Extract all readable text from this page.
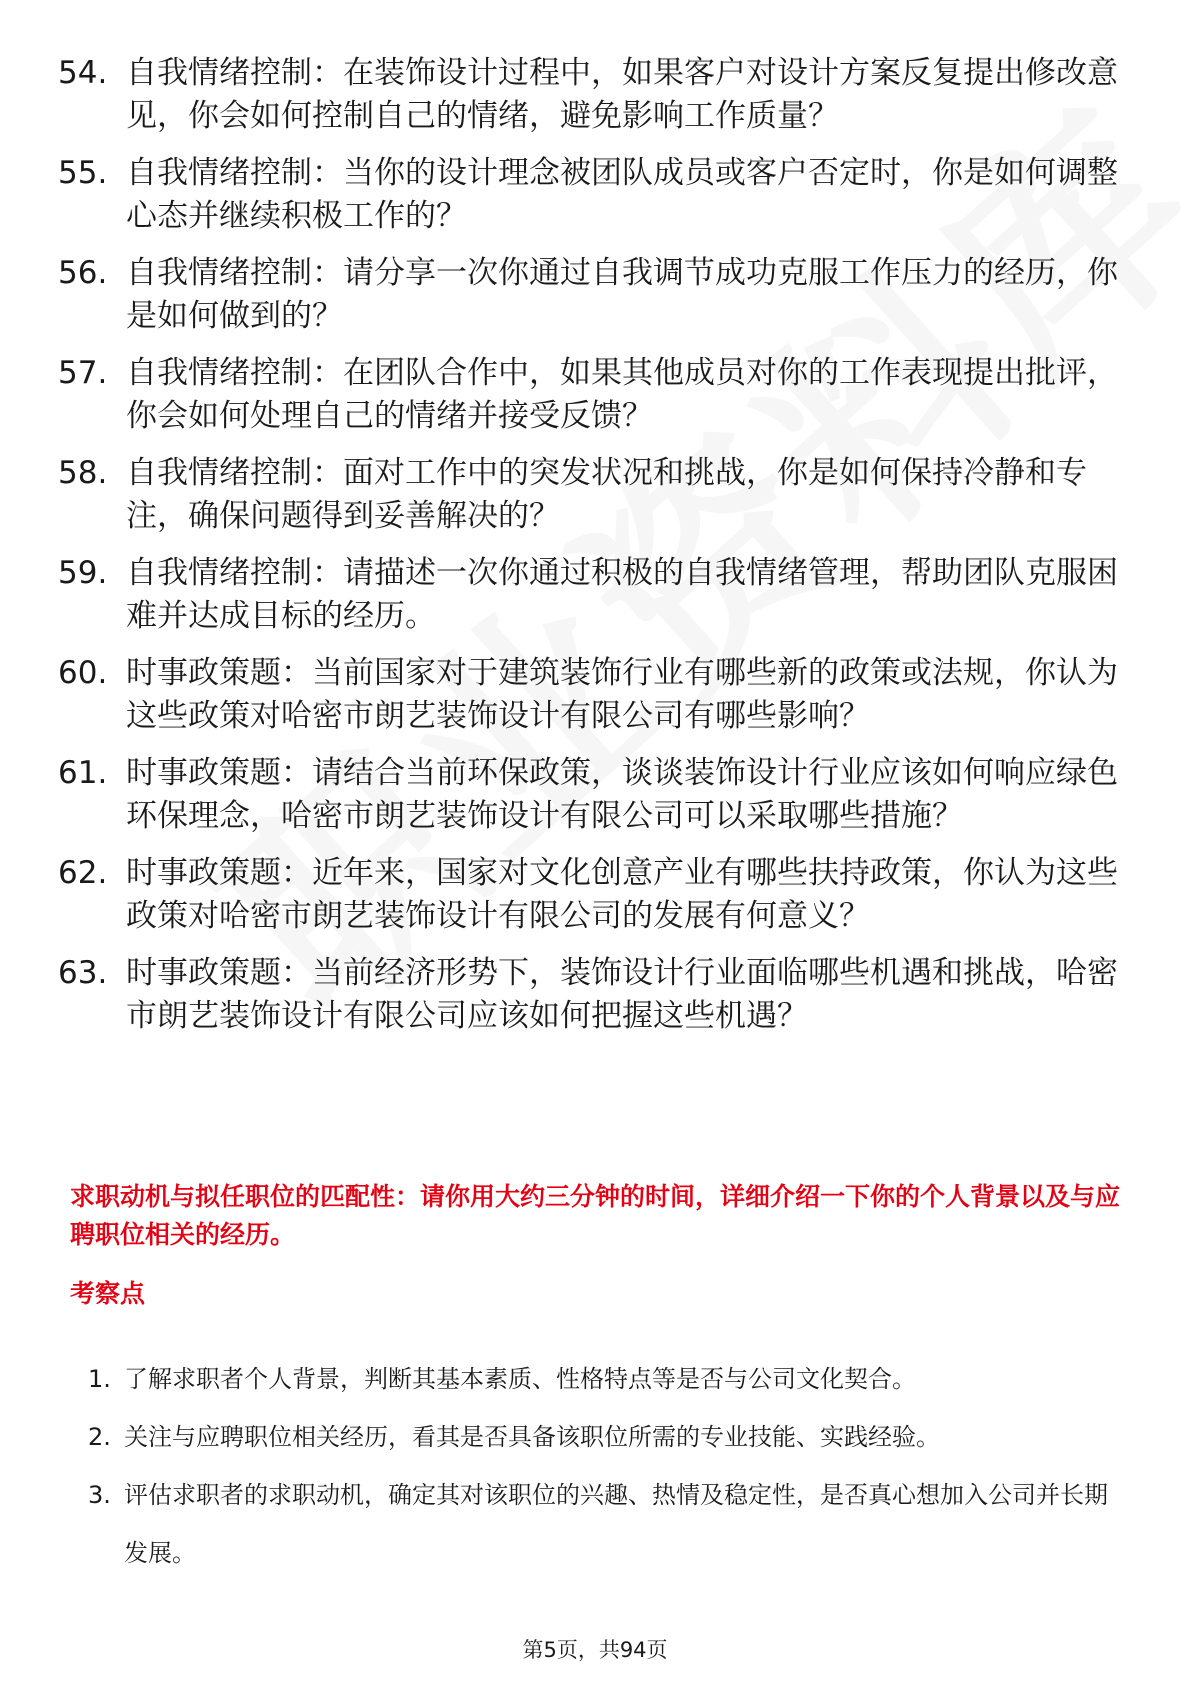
54. 自我情绪控制：在装饰设计过程中，如果客户对设计方案反复提出修改意见，你会如何控制自己的情绪，避免影响工作质量？
55. 自我情绪控制：当你的设计理念被团队成员或客户否定时，你是如何调整心态并继续积极工作的？
56. 自我情绪控制：请分享一次你通过自我调节成功克服工作压力的经历，你是如何做到的？
57. 自我情绪控制：在团队合作中，如果其他成员对你的工作表现提出批评，你会如何处理自己的情绪并接受反馈？
58. 自我情绪控制：面对工作中的突发状况和挑战，你是如何保持冷静和专注，确保问题得到妥善解决的？
59. 自我情绪控制：请描述一次你通过积极的自我情绪管理，帮助团队克服困难并达成目标的经历。
60. 时事政策题：当前国家对于建筑装饰行业有哪些新的政策或法规，你认为这些政策对哈密市朗艺装饰设计有限公司有哪些影响？
61. 时事政策题：请结合当前环保政策，谈谈装饰设计行业应该如何响应绿色环保理念，哈密市朗艺装饰设计有限公司可以采取哪些措施？
62. 时事政策题：近年来，国家对文化创意产业有哪些扶持政策，你认为这些政策对哈密市朗艺装饰设计有限公司的发展有何意义？
63. 时事政策题：当前经济形势下，装饰设计行业面临哪些机遇和挑战，哈密市朗艺装饰设计有限公司应该如何把握这些机遇？
求职动机与拟任职位的匹配性：请你用大约三分钟的时间，详细介绍一下你的个人背景以及与应聘职位相关的经历。
考察点
1. 了解求职者个人背景，判断其基本素质、性格特点等是否与公司文化契合。
2. 关注与应聘职位相关经历，看其是否具备该职位所需的专业技能、实践经验。
3. 评估求职者的求职动机，确定其对该职位的兴趣、热情及稳定性，是否真心想加入公司并长期发展。
第5页，共94页
